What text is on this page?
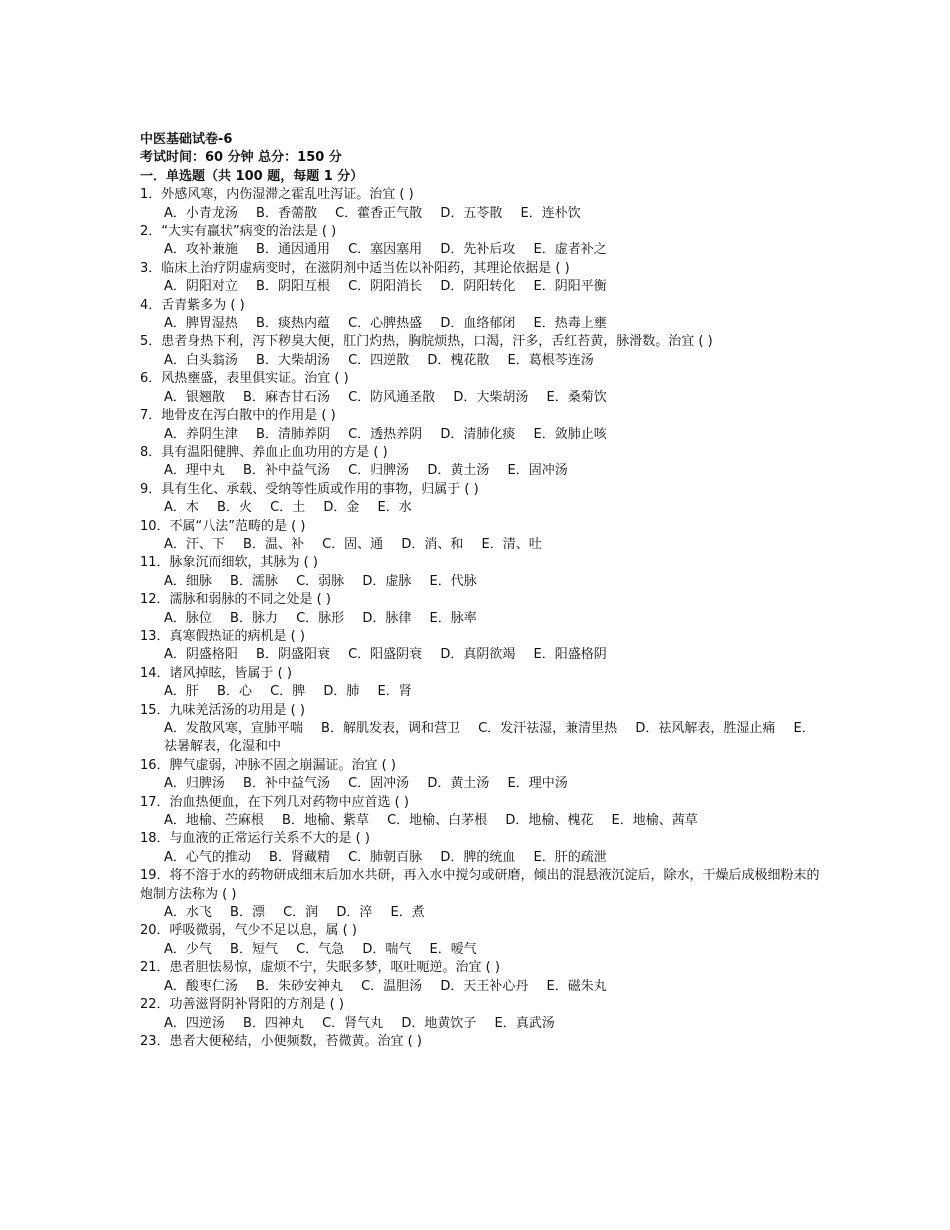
中医基础试卷-6
考试时间：60 分钟 总分：150 分
一．单选题（共 100 题，每题 1 分）
1．外感风寒，内伤湿滞之霍乱吐泻证。治宜 ( )
A．小青龙汤 B．香薷散 C．藿香正气散 D．五苓散 E．连朴饮
2．“大实有羸状”病变的治法是 ( )
A．攻补兼施 B．通因通用 C．塞因塞用 D．先补后攻 E．虚者补之
3．临床上治疗阴虚病变时，在滋阴剂中适当佐以补阳药，其理论依据是 ( )
A．阴阳对立 B．阴阳互根 C．阴阳消长 D．阴阳转化 E．阴阳平衡
4．舌青紫多为 ( )
A．脾胃湿热 B．痰热内蕴 C．心脾热盛 D．血络郁闭 E．热毒上壅
5．患者身热下利，泻下秽臭大便，肛门灼热，胸脘烦热，口渴，汗多，舌红苔黄，脉滑数。治宜 ( )
A．白头翁汤 B．大柴胡汤 C．四逆散 D．槐花散 E．葛根芩连汤
6．风热壅盛，表里俱实证。治宜 ( )
A．银翘散 B．麻杏甘石汤 C．防风通圣散 D．大柴胡汤 E．桑菊饮
7．地骨皮在泻白散中的作用是 ( )
A．养阴生津 B．清肺养阴 C．透热养阴 D．清肺化痰 E．敛肺止咳
8．具有温阳健脾、养血止血功用的方是 ( )
A．理中丸 B．补中益气汤 C．归脾汤 D．黄土汤 E．固冲汤
9．具有生化、承载、受纳等性质或作用的事物，归属于 ( )
A．木 B．火 C．土 D．金 E．水
10．不属“八法”范畴的是 ( )
A．汗、下 B．温、补 C．固、通 D．消、和 E．清、吐
11．脉象沉而细软，其脉为 ( )
A．细脉 B．濡脉 C．弱脉 D．虚脉 E．代脉
12．濡脉和弱脉的不同之处是 ( )
A．脉位 B．脉力 C．脉形 D．脉律 E．脉率
13．真寒假热证的病机是 ( )
A．阴盛格阳 B．阴盛阳衰 C．阳盛阴衰 D．真阴欲竭 E．阳盛格阴
14．诸风掉眩，皆属于 ( )
A．肝 B．心 C．脾 D．肺 E．肾
15．九味羌活汤的功用是 ( )
A．发散风寒，宣肺平喘 B．解肌发表，调和营卫 C．发汗祛湿，兼清里热 D．祛风解表，胜湿止痛 E．祛暑解表，化湿和中
16．脾气虚弱，冲脉不固之崩漏证。治宜 ( )
A．归脾汤 B．补中益气汤 C．固冲汤 D．黄土汤 E．理中汤
17．治血热便血，在下列几对药物中应首选 ( )
A．地榆、苎麻根 B．地榆、紫草 C．地榆、白茅根 D．地榆、槐花 E．地榆、茜草
18．与血液的正常运行关系不大的是 ( )
A．心气的推动 B．肾藏精 C．肺朝百脉 D．脾的统血 E．肝的疏泄
19．将不溶于水的药物研成细末后加水共研，再入水中搅匀或研磨，倾出的混悬液沉淀后，除水，干燥后成极细粉末的炮制方法称为 ( )
A．水飞 B．漂 C．润 D．淬 E．煮
20．呼吸微弱，气少不足以息，属 ( )
A．少气 B．短气 C．气急 D．喘气 E．嗳气
21．患者胆怯易惊，虚烦不宁，失眠多梦，呕吐呃逆。治宜 ( )
A．酸枣仁汤 B．朱砂安神丸 C．温胆汤 D．天王补心丹 E．磁朱丸
22．功善滋肾阴补肾阳的方剂是 ( )
A．四逆汤 B．四神丸 C．肾气丸 D．地黄饮子 E．真武汤
23．患者大便秘结，小便频数，苔微黄。治宜 ( )
